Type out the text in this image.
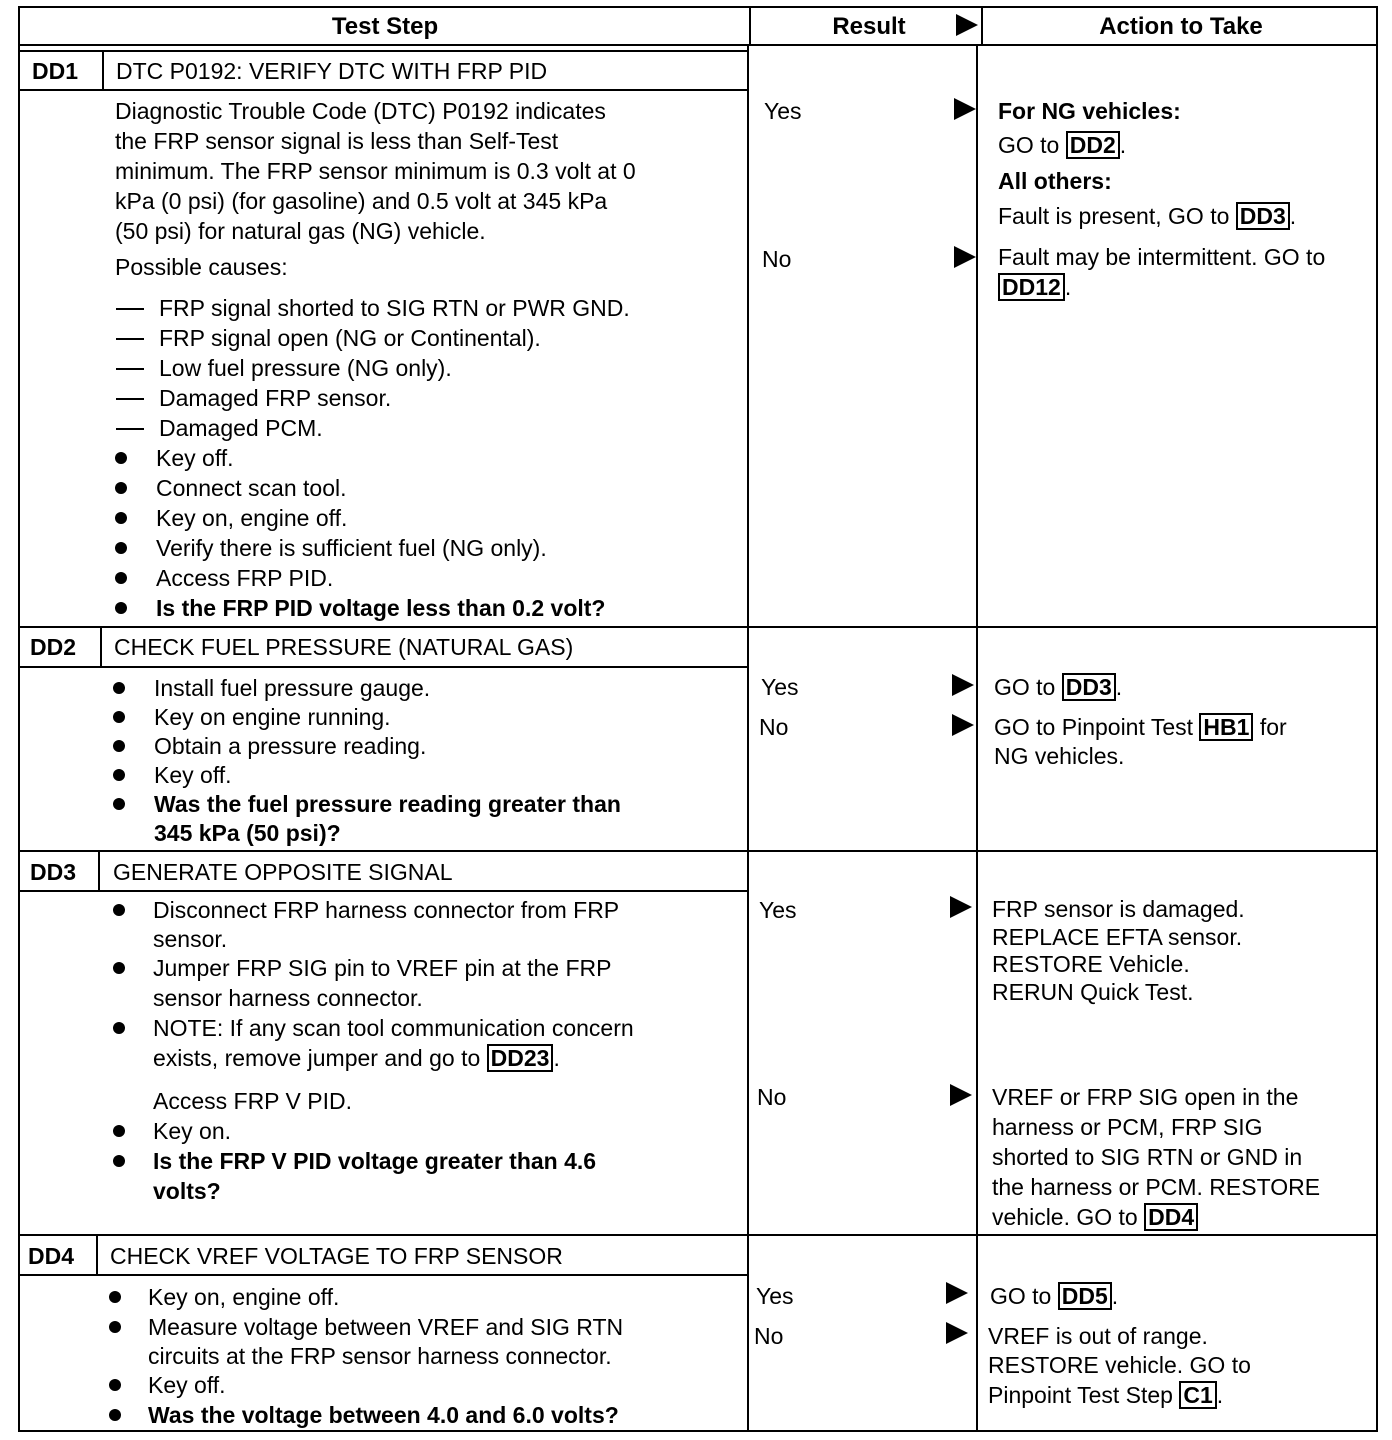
Test Step	Result	Action to Take
DD1 DTC P0192: VERIFY DTC WITH FRP PID
Diagnostic Trouble Code (DTC) P0192 indicates
the FRP sensor signal is less than Self-Test
minimum. The FRP sensor minimum is 0.3 volt at 0
kPa (0 psi) (for gasoline) and 0.5 volt at 345 kPa
(50 psi) for natural gas (NG) vehicle.
Possible causes:
FRP signal shorted to SIG RTN or PWR GND.
FRP signal open (NG or Continental).
Low fuel pressure (NG only).
Damaged FRP sensor.
Damaged PCM.
Key off.
Connect scan tool.
Key on, engine off.
Verify there is sufficient fuel (NG only).
Access FRP PID.
Is the FRP PID voltage less than 0.2 volt?
Yes
No
For NG vehicles:
GO to DD2 .
All others:
Fault is present, GO to DD3 .
Fault may be intermittent. GO to
DD12 .
DD2 CHECK FUEL PRESSURE (NATURAL GAS)
Install fuel pressure gauge.
Key on engine running.
Obtain a pressure reading.
Key off.
Was the fuel pressure reading greater than
345 kPa (50 psi)?
Yes
No
GO to DD3 .
GO to Pinpoint Test HB1 for
NG vehicles.
DD3 GENERATE OPPOSITE SIGNAL
Disconnect FRP harness connector from FRP
sensor.
Jumper FRP SIG pin to VREF pin at the FRP
sensor harness connector.
NOTE: If any scan tool communication concern
exists, remove jumper and go to DD23 .
Access FRP V PID.
Key on.
Is the FRP V PID voltage greater than 4.6
volts?
Yes
No
FRP sensor is damaged.
REPLACE EFTA sensor.
RESTORE Vehicle.
RERUN Quick Test.
VREF or FRP SIG open in the
harness or PCM, FRP SIG
shorted to SIG RTN or GND in
the harness or PCM. RESTORE
vehicle. GO to DD4
DD4 CHECK VREF VOLTAGE TO FRP SENSOR
Key on, engine off.
Measure voltage between VREF and SIG RTN
circuits at the FRP sensor harness connector.
Key off.
Was the voltage between 4.0 and 6.0 volts?
Yes
No
GO to DD5 .
VREF is out of range.
RESTORE vehicle. GO to
Pinpoint Test Step C1 .
